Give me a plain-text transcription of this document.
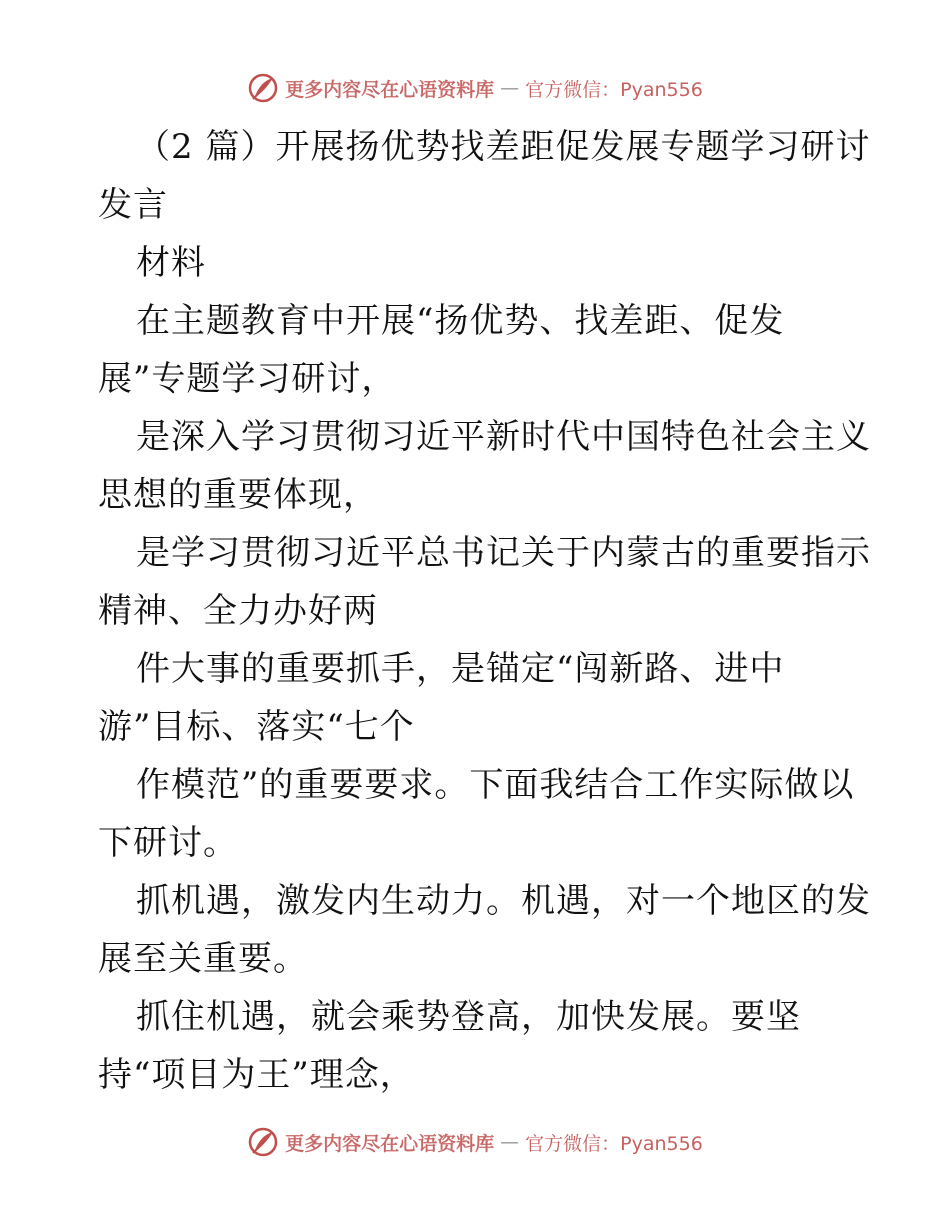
更多内容尽在心语资料库 — 官方微信：Pyan556
（2 篇）开展扬优势找差距促发展专题学习研讨
发言
材料
在主题教育中开展“扬优势、找差距、促发
展”专题学习研讨，
是深入学习贯彻习近平新时代中国特色社会主义
思想的重要体现，
是学习贯彻习近平总书记关于内蒙古的重要指示
精神、全力办好两
件大事的重要抓手，是锚定“闯新路、进中
游”目标、落实“七个
作模范”的重要要求。下面我结合工作实际做以
下研讨。
抓机遇，激发内生动力。机遇，对一个地区的发
展至关重要。
抓住机遇，就会乘势登高，加快发展。要坚
持“项目为王”理念，
更多内容尽在心语资料库 — 官方微信：Pyan556
